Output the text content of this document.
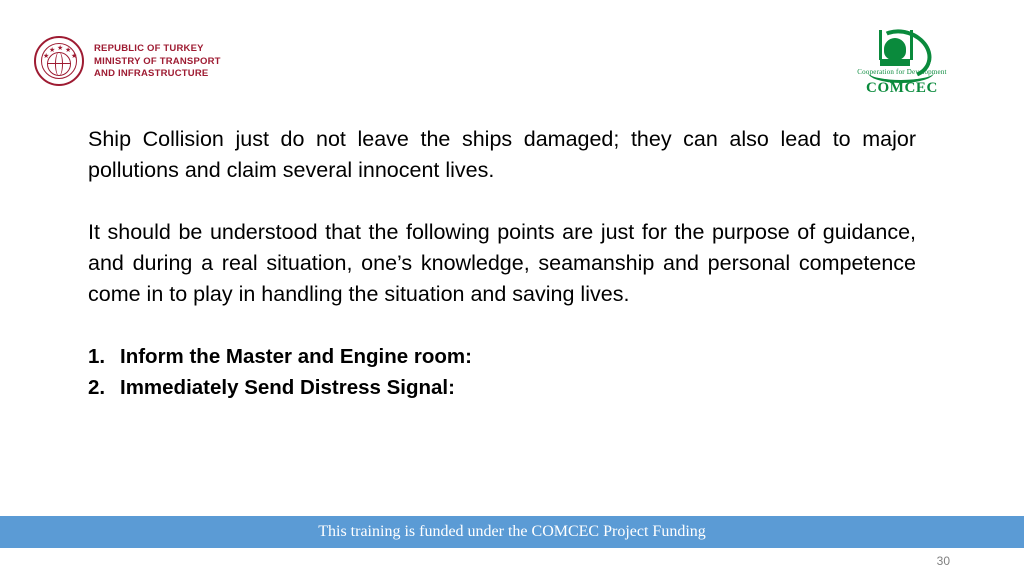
★
★ ★
★	★
REPUBLIC OF TURKEY
MINISTRY OF TRANSPORT
AND INFRASTRUCTURE	Cooperation for Development
COMCEC

Ship Collision just do not leave the ships damaged; they can also lead to major pollutions and claim several innocent lives.

It should be understood that the following points are just for the purpose of guidance, and during a real situation, one’s knowledge, seamanship and personal competence come in to play in handling the situation and saving lives.

1. Inform the Master and Engine room:
2. Immediately Send Distress Signal:
This training is funded under the COMCEC Project Funding
30
